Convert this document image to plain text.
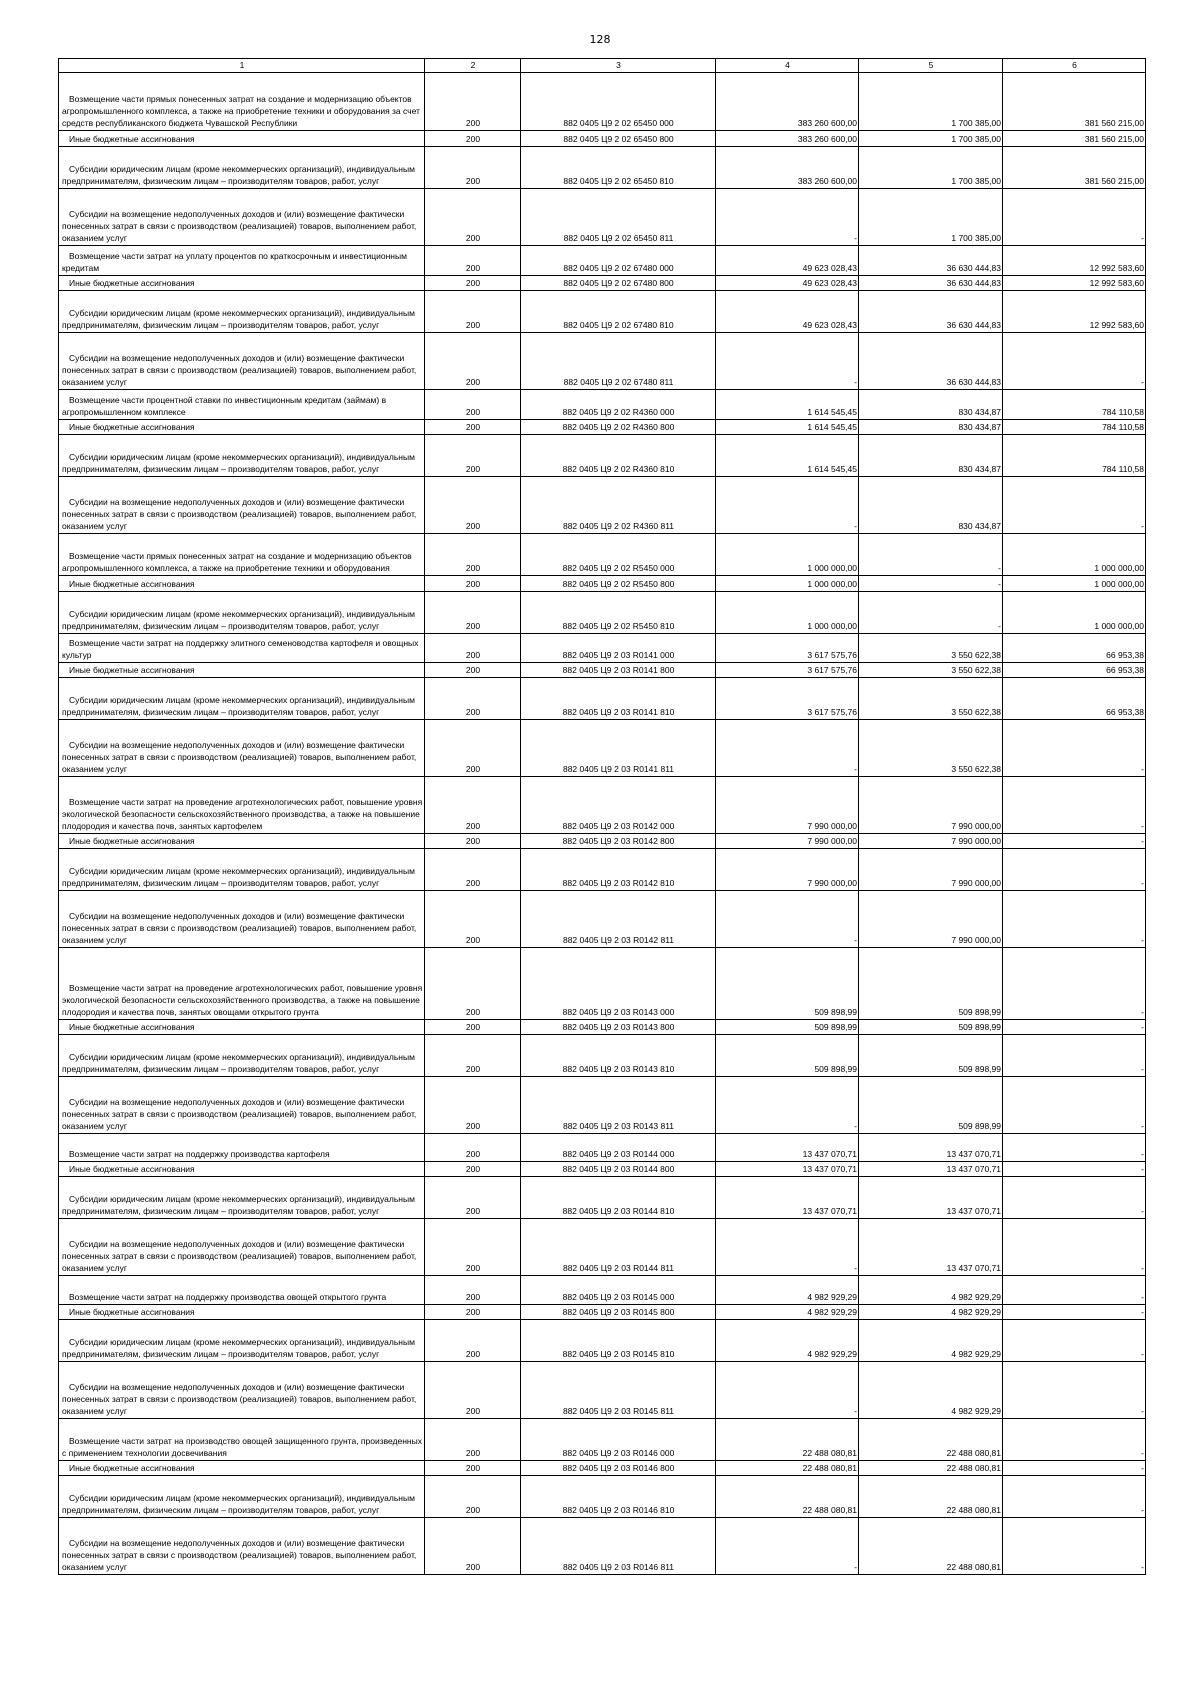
128
1	2	3	4	5	6
Возмещение части прямых понесенных затрат на создание и модернизацию объектов агропромышленного комплекса, а также на приобретение техники и оборудования за счет средств республиканского бюджета Чувашской Республики	200	882 0405 Ц9 2 02 65450 000	383 260 600,00	1 700 385,00	381 560 215,00
Иные бюджетные ассигнования	200	882 0405 Ц9 2 02 65450 800	383 260 600,00	1 700 385,00	381 560 215,00
Субсидии юридическим лицам (кроме некоммерческих организаций), индивидуальным предпринимателям, физическим лицам – производителям товаров, работ, услуг	200	882 0405 Ц9 2 02 65450 810	383 260 600,00	1 700 385,00	381 560 215,00
Субсидии на возмещение недополученных доходов и (или) возмещение фактически понесенных затрат в связи с производством (реализацией) товаров, выполнением работ, оказанием услуг	200	882 0405 Ц9 2 02 65450 811	-	1 700 385,00	-
Возмещение части затрат на уплату процентов по краткосрочным и инвестиционным кредитам	200	882 0405 Ц9 2 02 67480 000	49 623 028,43	36 630 444,83	12 992 583,60
Иные бюджетные ассигнования	200	882 0405 Ц9 2 02 67480 800	49 623 028,43	36 630 444,83	12 992 583,60
Субсидии юридическим лицам (кроме некоммерческих организаций), индивидуальным предпринимателям, физическим лицам – производителям товаров, работ, услуг	200	882 0405 Ц9 2 02 67480 810	49 623 028,43	36 630 444,83	12 992 583,60
Субсидии на возмещение недополученных доходов и (или) возмещение фактически понесенных затрат в связи с производством (реализацией) товаров, выполнением работ, оказанием услуг	200	882 0405 Ц9 2 02 67480 811	-	36 630 444,83	-
Возмещение части процентной ставки по инвестиционным кредитам (займам) в агропромышленном комплексе	200	882 0405 Ц9 2 02 R4360 000	1 614 545,45	830 434,87	784 110,58
Иные бюджетные ассигнования	200	882 0405 Ц9 2 02 R4360 800	1 614 545,45	830 434,87	784 110,58
Субсидии юридическим лицам (кроме некоммерческих организаций), индивидуальным предпринимателям, физическим лицам – производителям товаров, работ, услуг	200	882 0405 Ц9 2 02 R4360 810	1 614 545,45	830 434,87	784 110,58
Субсидии на возмещение недополученных доходов и (или) возмещение фактически понесенных затрат в связи с производством (реализацией) товаров, выполнением работ, оказанием услуг	200	882 0405 Ц9 2 02 R4360 811	-	830 434,87	-
Возмещение части прямых понесенных затрат на создание и модернизацию объектов агропромышленного комплекса, а также на приобретение техники и оборудования	200	882 0405 Ц9 2 02 R5450 000	1 000 000,00	-	1 000 000,00
Иные бюджетные ассигнования	200	882 0405 Ц9 2 02 R5450 800	1 000 000,00	-	1 000 000,00
Субсидии юридическим лицам (кроме некоммерческих организаций), индивидуальным предпринимателям, физическим лицам – производителям товаров, работ, услуг	200	882 0405 Ц9 2 02 R5450 810	1 000 000,00	-	1 000 000,00
Возмещение части затрат на поддержку элитного семеноводства картофеля и овощных культур	200	882 0405 Ц9 2 03 R0141 000	3 617 575,76	3 550 622,38	66 953,38
Иные бюджетные ассигнования	200	882 0405 Ц9 2 03 R0141 800	3 617 575,76	3 550 622,38	66 953,38
Субсидии юридическим лицам (кроме некоммерческих организаций), индивидуальным предпринимателям, физическим лицам – производителям товаров, работ, услуг	200	882 0405 Ц9 2 03 R0141 810	3 617 575,76	3 550 622,38	66 953,38
Субсидии на возмещение недополученных доходов и (или) возмещение фактически понесенных затрат в связи с производством (реализацией) товаров, выполнением работ, оказанием услуг	200	882 0405 Ц9 2 03 R0141 811	-	3 550 622,38	-
Возмещение части затрат на проведение агротехнологических работ, повышение уровня экологической безопасности сельскохозяйственного производства, а также на повышение плодородия и качества почв, занятых картофелем	200	882 0405 Ц9 2 03 R0142 000	7 990 000,00	7 990 000,00	-
Иные бюджетные ассигнования	200	882 0405 Ц9 2 03 R0142 800	7 990 000,00	7 990 000,00	-
Субсидии юридическим лицам (кроме некоммерческих организаций), индивидуальным предпринимателям, физическим лицам – производителям товаров, работ, услуг	200	882 0405 Ц9 2 03 R0142 810	7 990 000,00	7 990 000,00	-
Субсидии на возмещение недополученных доходов и (или) возмещение фактически понесенных затрат в связи с производством (реализацией) товаров, выполнением работ, оказанием услуг	200	882 0405 Ц9 2 03 R0142 811	-	7 990 000,00	-
Возмещение части затрат на проведение агротехнологических работ, повышение уровня экологической безопасности сельскохозяйственного производства, а также на повышение плодородия и качества почв, занятых овощами открытого грунта	200	882 0405 Ц9 2 03 R0143 000	509 898,99	509 898,99	-
Иные бюджетные ассигнования	200	882 0405 Ц9 2 03 R0143 800	509 898,99	509 898,99	-
Субсидии юридическим лицам (кроме некоммерческих организаций), индивидуальным предпринимателям, физическим лицам – производителям товаров, работ, услуг	200	882 0405 Ц9 2 03 R0143 810	509 898,99	509 898,99	-
Субсидии на возмещение недополученных доходов и (или) возмещение фактически понесенных затрат в связи с производством (реализацией) товаров, выполнением работ, оказанием услуг	200	882 0405 Ц9 2 03 R0143 811	-	509 898,99	-
Возмещение части затрат на поддержку производства картофеля	200	882 0405 Ц9 2 03 R0144 000	13 437 070,71	13 437 070,71	-
Иные бюджетные ассигнования	200	882 0405 Ц9 2 03 R0144 800	13 437 070,71	13 437 070,71	-
Субсидии юридическим лицам (кроме некоммерческих организаций), индивидуальным предпринимателям, физическим лицам – производителям товаров, работ, услуг	200	882 0405 Ц9 2 03 R0144 810	13 437 070,71	13 437 070,71	-
Субсидии на возмещение недополученных доходов и (или) возмещение фактически понесенных затрат в связи с производством (реализацией) товаров, выполнением работ, оказанием услуг	200	882 0405 Ц9 2 03 R0144 811	-	13 437 070,71	-
Возмещение части затрат на поддержку производства овощей открытого грунта	200	882 0405 Ц9 2 03 R0145 000	4 982 929,29	4 982 929,29	-
Иные бюджетные ассигнования	200	882 0405 Ц9 2 03 R0145 800	4 982 929,29	4 982 929,29	-
Субсидии юридическим лицам (кроме некоммерческих организаций), индивидуальным предпринимателям, физическим лицам – производителям товаров, работ, услуг	200	882 0405 Ц9 2 03 R0145 810	4 982 929,29	4 982 929,29	-
Субсидии на возмещение недополученных доходов и (или) возмещение фактически понесенных затрат в связи с производством (реализацией) товаров, выполнением работ, оказанием услуг	200	882 0405 Ц9 2 03 R0145 811	-	4 982 929,29	-
Возмещение части затрат на производство овощей защищенного грунта, произведенных с применением технологии досвечивания	200	882 0405 Ц9 2 03 R0146 000	22 488 080,81	22 488 080,81	-
Иные бюджетные ассигнования	200	882 0405 Ц9 2 03 R0146 800	22 488 080,81	22 488 080,81	-
Субсидии юридическим лицам (кроме некоммерческих организаций), индивидуальным предпринимателям, физическим лицам – производителям товаров, работ, услуг	200	882 0405 Ц9 2 03 R0146 810	22 488 080,81	22 488 080,81	-
Субсидии на возмещение недополученных доходов и (или) возмещение фактически понесенных затрат в связи с производством (реализацией) товаров, выполнением работ, оказанием услуг	200	882 0405 Ц9 2 03 R0146 811	-	22 488 080,81	-
